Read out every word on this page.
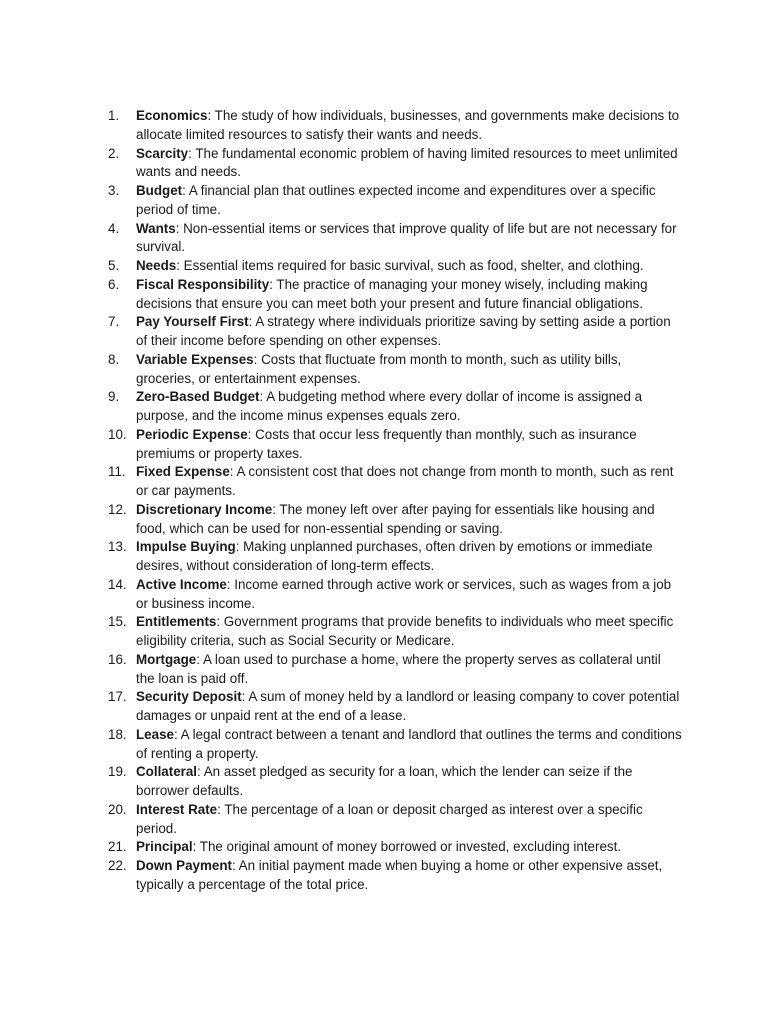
1.	Economics: The study of how individuals, businesses, and governments make decisions to allocate limited resources to satisfy their wants and needs.
2.	Scarcity: The fundamental economic problem of having limited resources to meet unlimited wants and needs.
3.	Budget: A financial plan that outlines expected income and expenditures over a specific period of time.
4.	Wants: Non-essential items or services that improve quality of life but are not necessary for survival.
5.	Needs: Essential items required for basic survival, such as food, shelter, and clothing.
6.	Fiscal Responsibility: The practice of managing your money wisely, including making decisions that ensure you can meet both your present and future financial obligations.
7.	Pay Yourself First: A strategy where individuals prioritize saving by setting aside a portion of their income before spending on other expenses.
8.	Variable Expenses: Costs that fluctuate from month to month, such as utility bills, groceries, or entertainment expenses.
9.	Zero-Based Budget: A budgeting method where every dollar of income is assigned a purpose, and the income minus expenses equals zero.
10. Periodic Expense: Costs that occur less frequently than monthly, such as insurance premiums or property taxes.
11. Fixed Expense: A consistent cost that does not change from month to month, such as rent or car payments.
12. Discretionary Income: The money left over after paying for essentials like housing and food, which can be used for non-essential spending or saving.
13. Impulse Buying: Making unplanned purchases, often driven by emotions or immediate desires, without consideration of long-term effects.
14. Active Income: Income earned through active work or services, such as wages from a job or business income.
15. Entitlements: Government programs that provide benefits to individuals who meet specific eligibility criteria, such as Social Security or Medicare.
16. Mortgage: A loan used to purchase a home, where the property serves as collateral until the loan is paid off.
17. Security Deposit: A sum of money held by a landlord or leasing company to cover potential damages or unpaid rent at the end of a lease.
18. Lease: A legal contract between a tenant and landlord that outlines the terms and conditions of renting a property.
19. Collateral: An asset pledged as security for a loan, which the lender can seize if the borrower defaults.
20. Interest Rate: The percentage of a loan or deposit charged as interest over a specific period.
21. Principal: The original amount of money borrowed or invested, excluding interest.
22. Down Payment: An initial payment made when buying a home or other expensive asset, typically a percentage of the total price.
